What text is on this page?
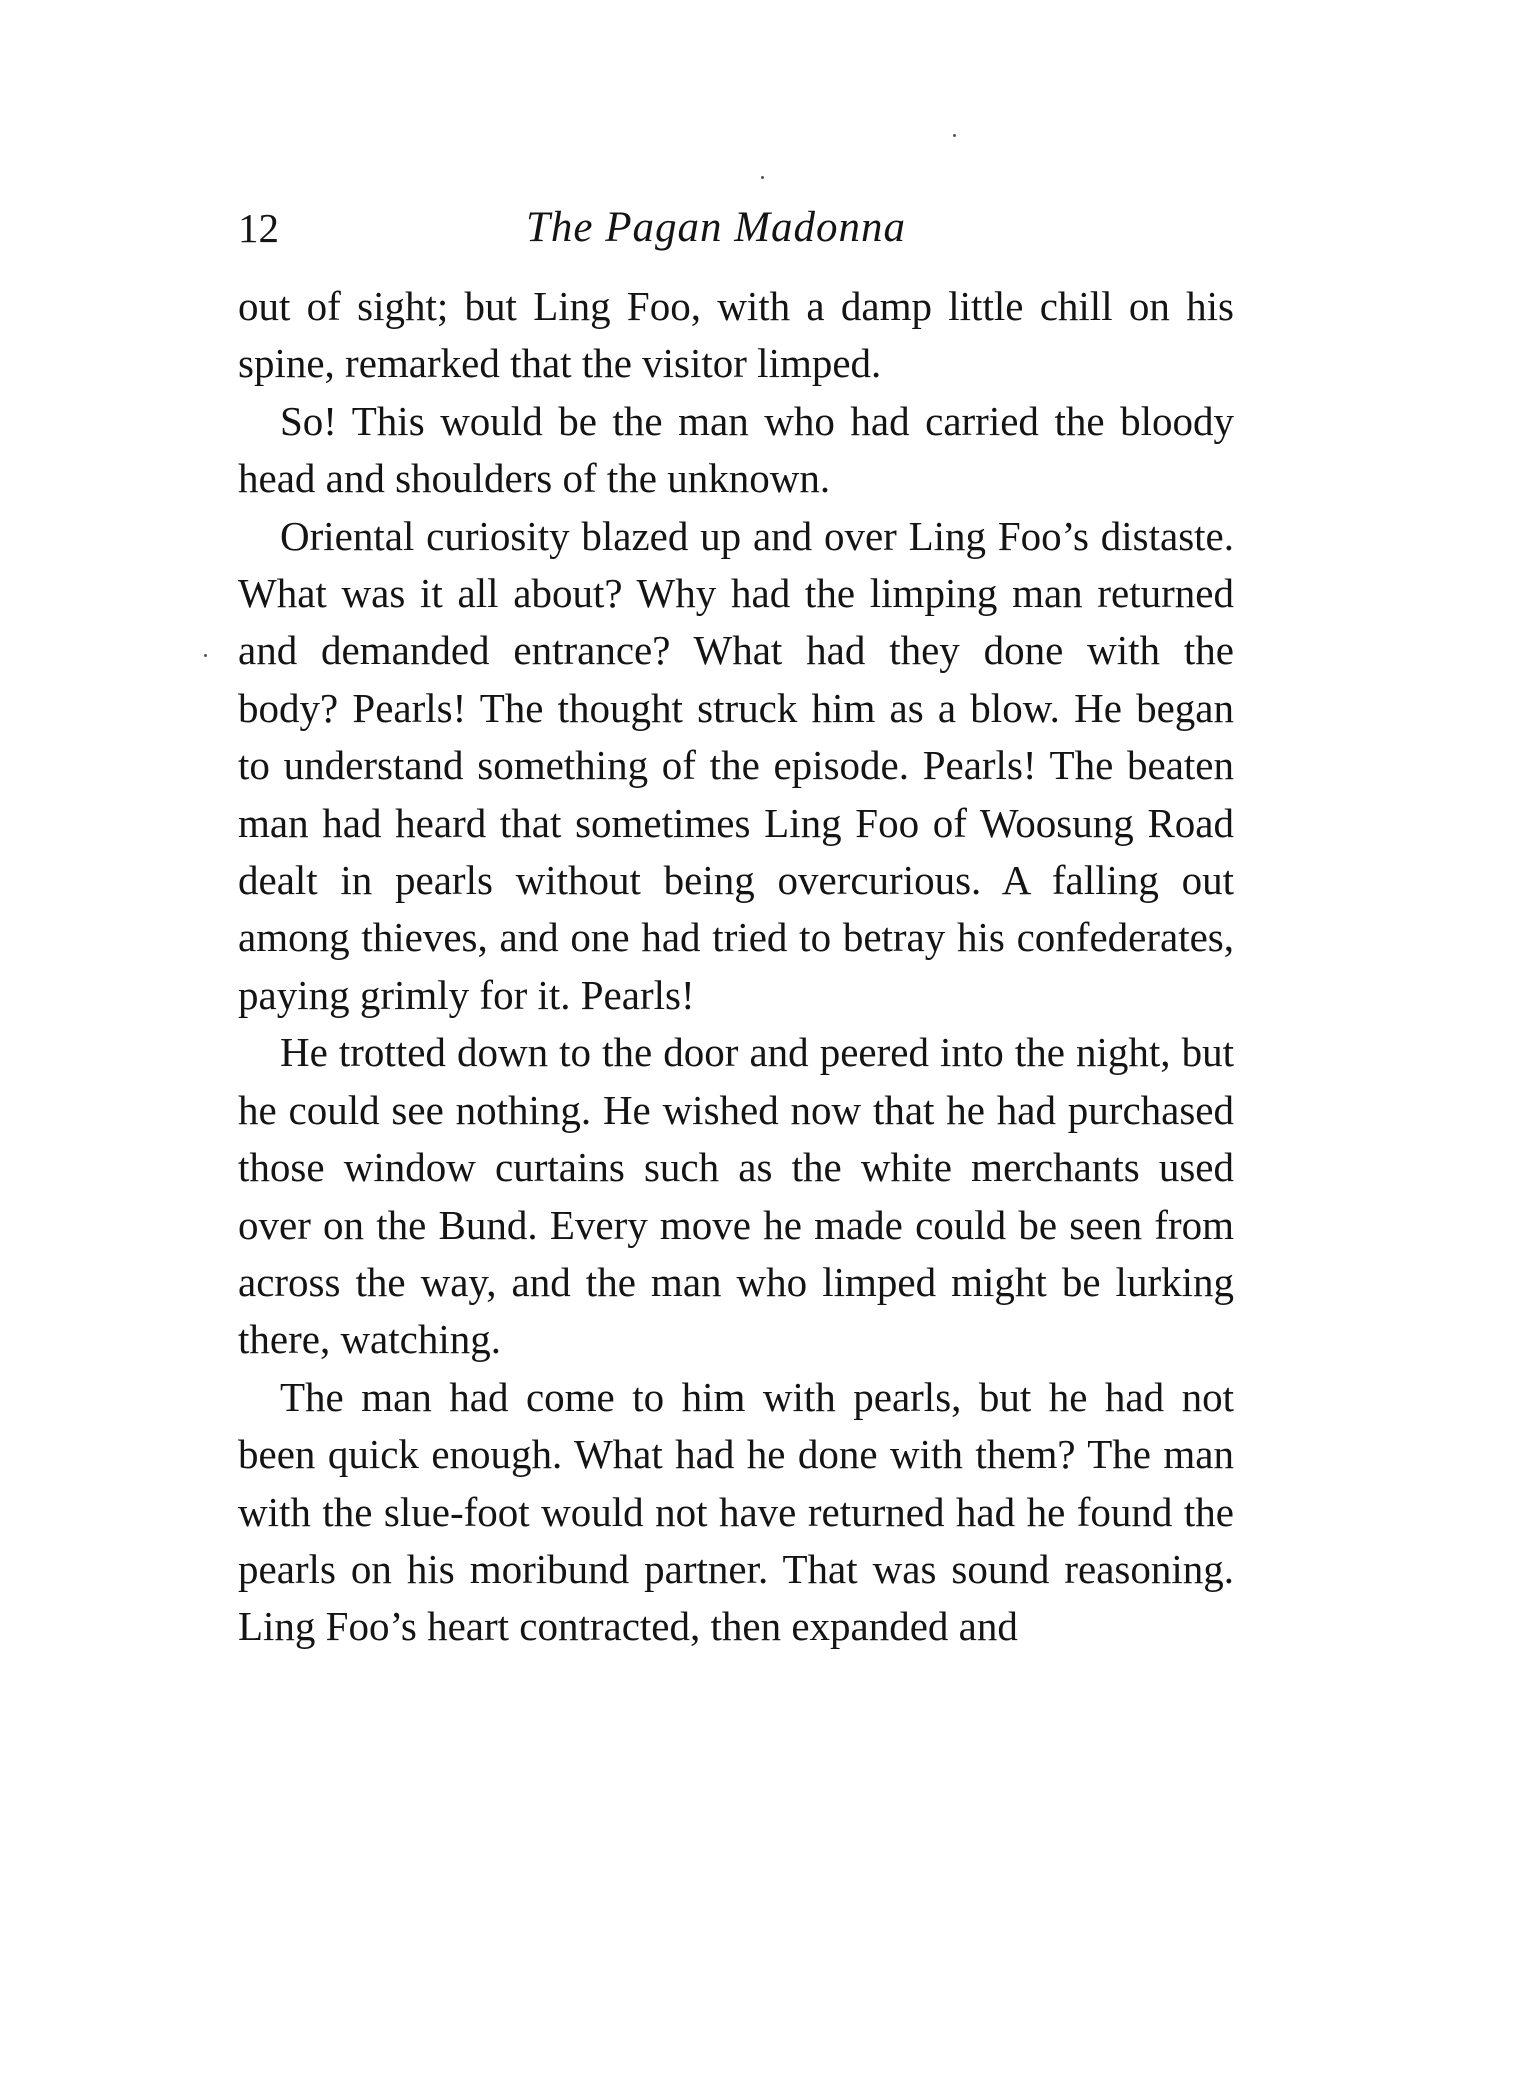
12	The Pagan Madonna

out of sight; but Ling Foo, with a damp little chill on his spine, remarked that the visitor limped.

So! This would be the man who had carried the bloody head and shoulders of the unknown.

Oriental curiosity blazed up and over Ling Foo’s distaste. What was it all about? Why had the limping man returned and demanded entrance? What had they done with the body? Pearls! The thought struck him as a blow. He began to understand something of the episode. Pearls! The beaten man had heard that sometimes Ling Foo of Woosung Road dealt in pearls without being overcurious. A falling out among thieves, and one had tried to betray his confederates, paying grimly for it. Pearls!

He trotted down to the door and peered into the night, but he could see nothing. He wished now that he had purchased those window curtains such as the white merchants used over on the Bund. Every move he made could be seen from across the way, and the man who limped might be lurking there, watching.

The man had come to him with pearls, but he had not been quick enough. What had he done with them? The man with the slue-foot would not have returned had he found the pearls on his moribund partner. That was sound reasoning. Ling Foo’s heart contracted, then expanded and
